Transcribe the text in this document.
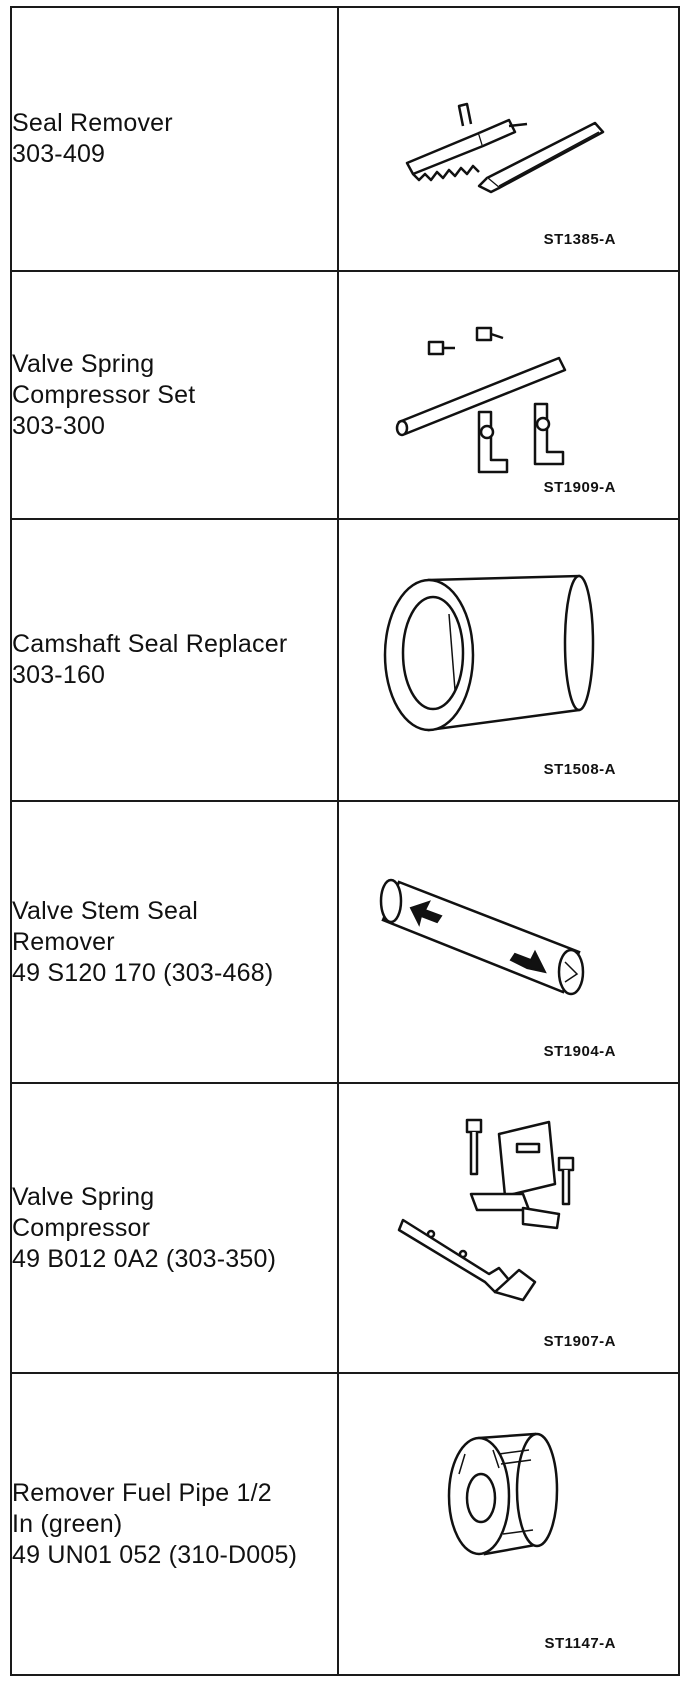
Seal Remover
303-409	ST1385-A

Valve Spring
Compressor Set
303-300	ST1909-A

Camshaft Seal Replacer
303-160	ST1508-A

Valve Stem Seal
Remover
49 S120 170 (303-468)	ST1904-A

Valve Spring
Compressor
49 B012 0A2 (303-350)	ST1907-A

Remover Fuel Pipe 1/2
In (green)
49 UN01 052 (310-D005)	ST1147-A
